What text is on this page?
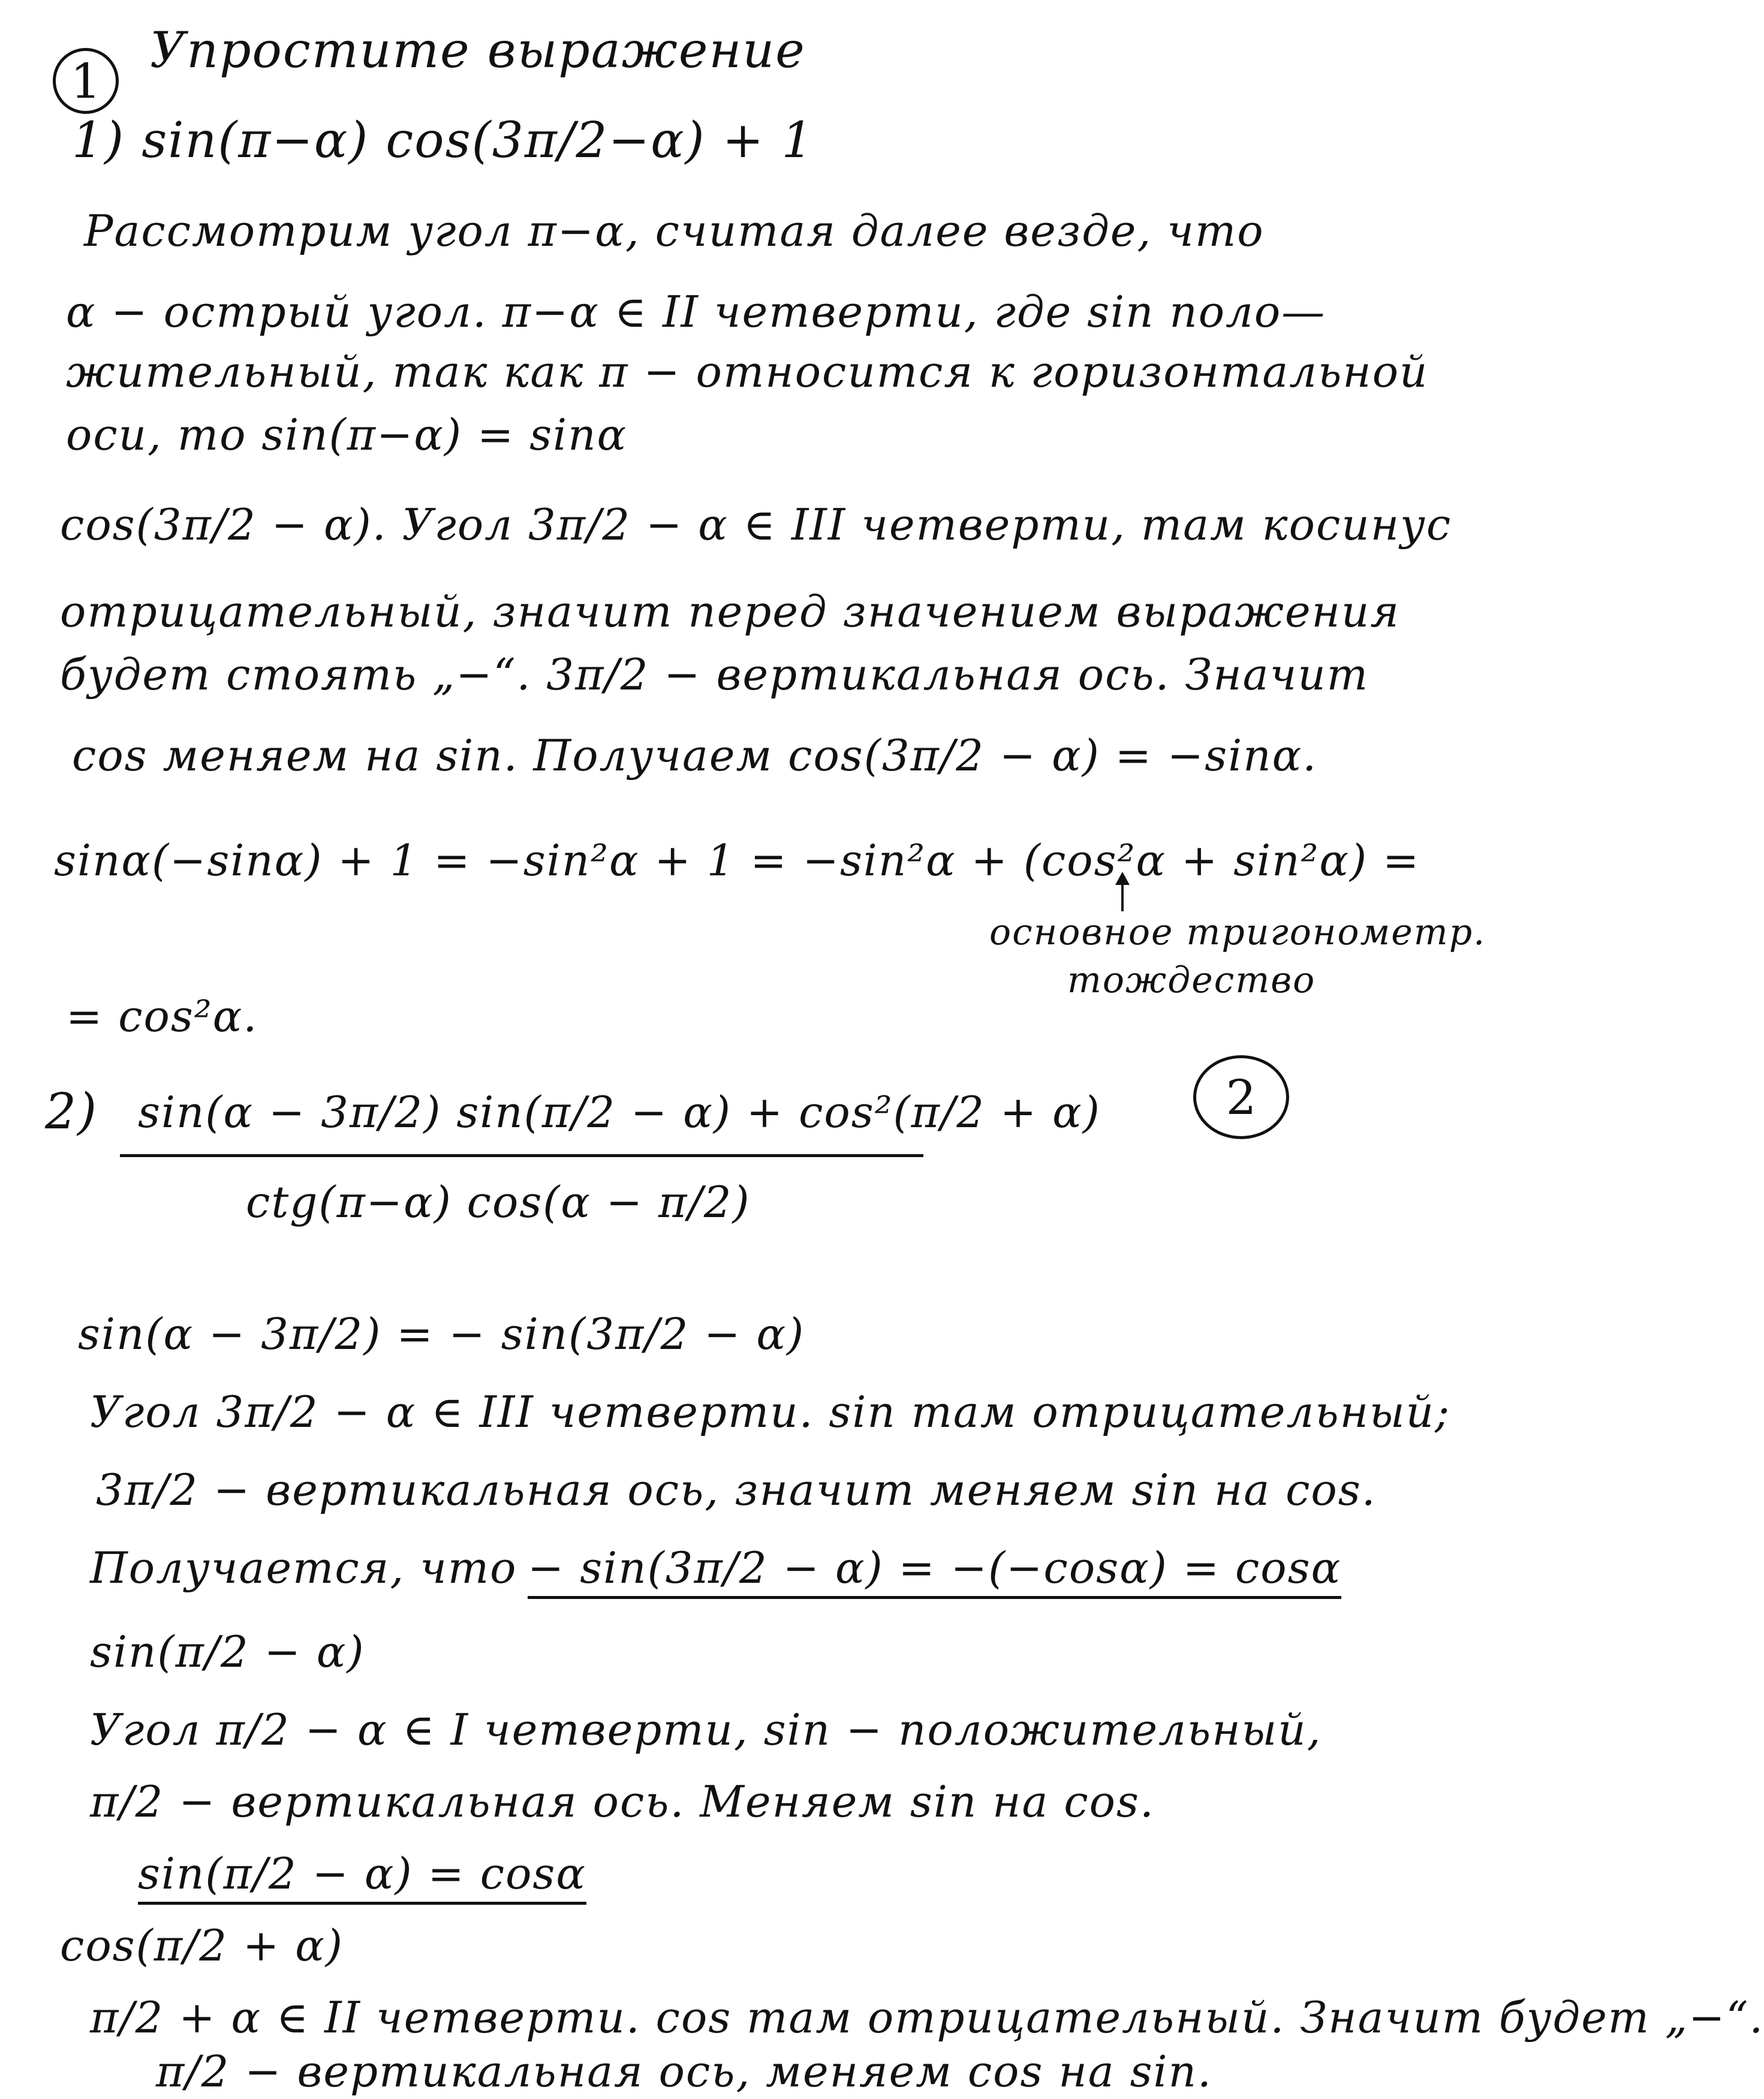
1
Упростите выражение
1) sin(π−α) cos(3π/2−α) + 1
Рассмотрим угол π−α, считая далее везде, что
α − острый угол. π−α ∈ II четверти, где sin поло—
жительный, так как π − относится к горизонтальной
оси, то sin(π−α) = sinα
cos(3π/2 − α). Угол 3π/2 − α ∈ III четверти, там косинус
отрицательный, значит перед значением выражения
будет стоять „−“. 3π/2 − вертикальная ось. Значит
cos меняем на sin. Получаем cos(3π/2 − α) = −sinα.
sinα(−sinα) + 1 = −sin²α + 1 = −sin²α + (cos²α + sin²α) =
основное тригонометр.
тождество
= cos²α.
2
2) sin(α − 3π/2) sin(π/2 − α) + cos²(π/2 + α)
ctg(π−α) cos(α − π/2)
sin(α − 3π/2) = − sin(3π/2 − α)
Угол 3π/2 − α ∈ III четверти. sin там отрицательный;
3π/2 − вертикальная ось, значит меняем sin на cos.
Получается, что − sin(3π/2 − α) = −(−cosα) = cosα
sin(π/2 − α)
Угол π/2 − α ∈ I четверти, sin − положительный,
π/2 − вертикальная ось. Меняем sin на cos.
sin(π/2 − α) = cosα
cos(π/2 + α)
π/2 + α ∈ II четверти. cos там отрицательный. Значит будет „−“.
π/2 − вертикальная ось, меняем cos на sin.
